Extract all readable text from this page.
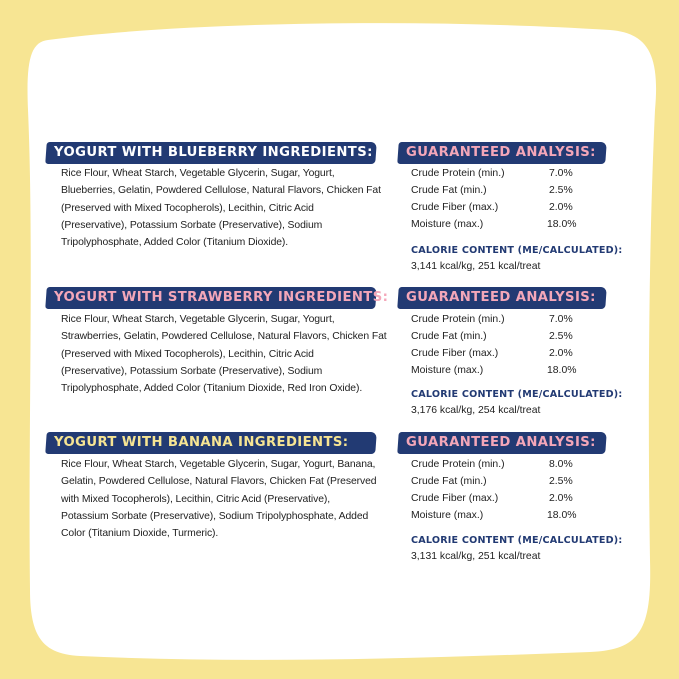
YOGURT WITH BLUEBERRY INGREDIENTS:
Rice Flour, Wheat Starch, Vegetable Glycerin, Sugar, Yogurt,
Blueberries, Gelatin, Powdered Cellulose, Natural Flavors, Chicken Fat
(Preserved with Mixed Tocopherols), Lecithin, Citric Acid
(Preservative), Potassium Sorbate (Preservative), Sodium
Tripolyphosphate, Added Color (Titanium Dioxide).
GUARANTEED ANALYSIS:
Crude Protein (min.)	7.0%
Crude Fat (min.)	2.5%
Crude Fiber (max.)	2.0%
Moisture (max.)	18.0%
CALORIE CONTENT (ME/CALCULATED):
3,141 kcal/kg, 251 kcal/treat
YOGURT WITH STRAWBERRY INGREDIENTS:
Rice Flour, Wheat Starch, Vegetable Glycerin, Sugar, Yogurt,
Strawberries, Gelatin, Powdered Cellulose, Natural Flavors, Chicken Fat
(Preserved with Mixed Tocopherols), Lecithin, Citric Acid
(Preservative), Potassium Sorbate (Preservative), Sodium
Tripolyphosphate, Added Color (Titanium Dioxide, Red Iron Oxide).
GUARANTEED ANALYSIS:
Crude Protein (min.)	7.0%
Crude Fat (min.)	2.5%
Crude Fiber (max.)	2.0%
Moisture (max.)	18.0%
CALORIE CONTENT (ME/CALCULATED):
3,176 kcal/kg, 254 kcal/treat
YOGURT WITH BANANA INGREDIENTS:
Rice Flour, Wheat Starch, Vegetable Glycerin, Sugar, Yogurt, Banana,
Gelatin, Powdered Cellulose, Natural Flavors, Chicken Fat (Preserved
with Mixed Tocopherols), Lecithin, Citric Acid (Preservative),
Potassium Sorbate (Preservative), Sodium Tripolyphosphate, Added
Color (Titanium Dioxide, Turmeric).
GUARANTEED ANALYSIS:
Crude Protein (min.)	8.0%
Crude Fat (min.)	2.5%
Crude Fiber (max.)	2.0%
Moisture (max.)	18.0%
CALORIE CONTENT (ME/CALCULATED):
3,131 kcal/kg, 251 kcal/treat
